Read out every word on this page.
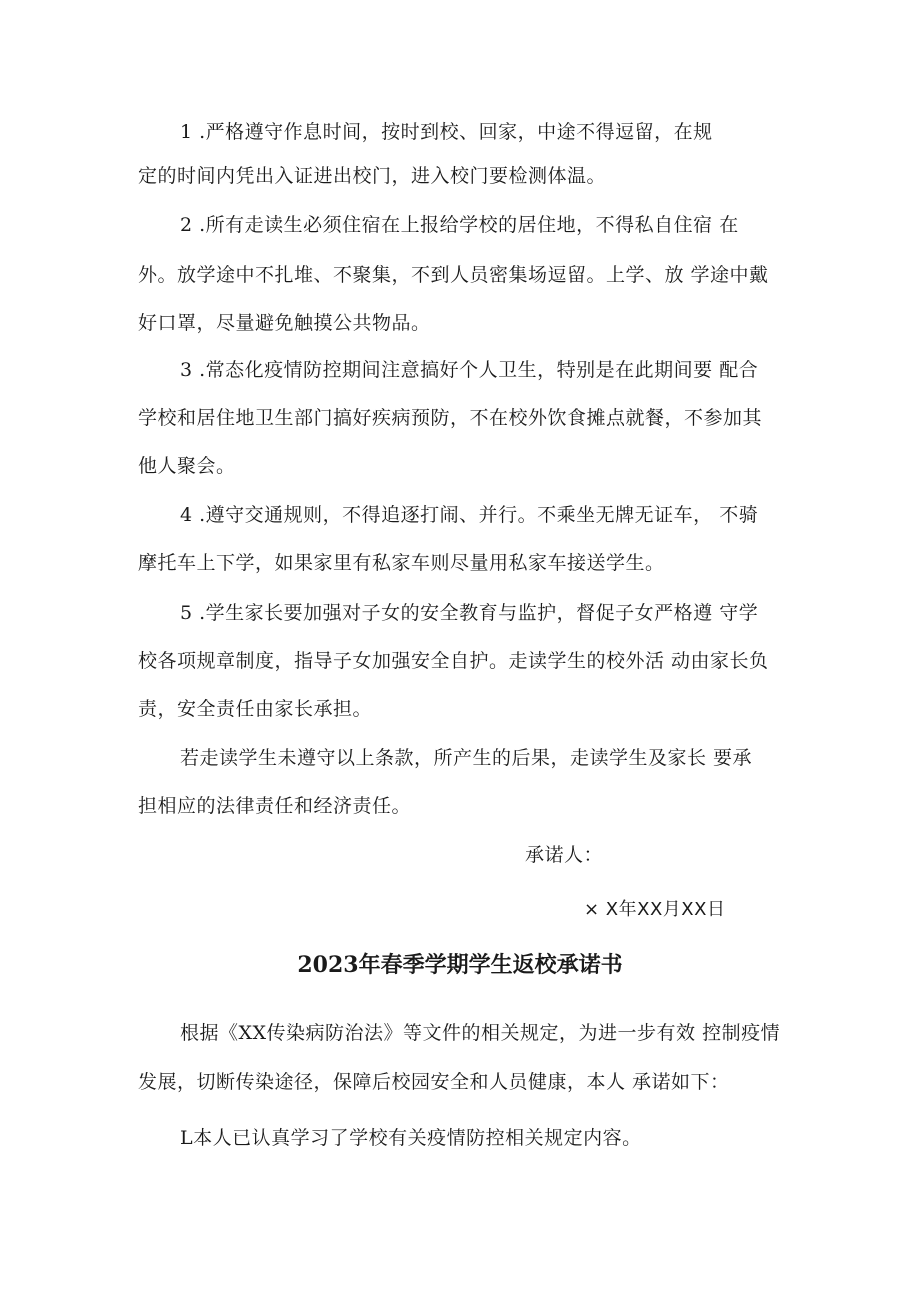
1 .严格遵守作息时间，按时到校、回家，中途不得逗留，在规
定的时间内凭出入证进出校门，进入校门要检测体温。
2 .所有走读生必须住宿在上报给学校的居住地，不得私自住宿 在
外。放学途中不扎堆、不聚集，不到人员密集场逗留。上学、放 学途中戴
好口罩，尽量避免触摸公共物品。
3 .常态化疫情防控期间注意搞好个人卫生，特别是在此期间要 配合
学校和居住地卫生部门搞好疾病预防，不在校外饮食摊点就餐，不参加其
他人聚会。
4 .遵守交通规则，不得追逐打闹、并行。不乘坐无牌无证车， 不骑
摩托车上下学，如果家里有私家车则尽量用私家车接送学生。
5 .学生家长要加强对子女的安全教育与监护，督促子女严格遵 守学
校各项规章制度，指导子女加强安全自护。走读学生的校外活 动由家长负
责，安全责任由家长承担。
若走读学生未遵守以上条款，所产生的后果，走读学生及家长 要承
担相应的法律责任和经济责任。
承诺人：
× X年XX月XX日
2023年春季学期学生返校承诺书
根据《XX传染病防治法》等文件的相关规定，为进一步有效 控制疫情
发展，切断传染途径，保障后校园安全和人员健康，本人 承诺如下：
L本人已认真学习了学校有关疫情防控相关规定内容。
